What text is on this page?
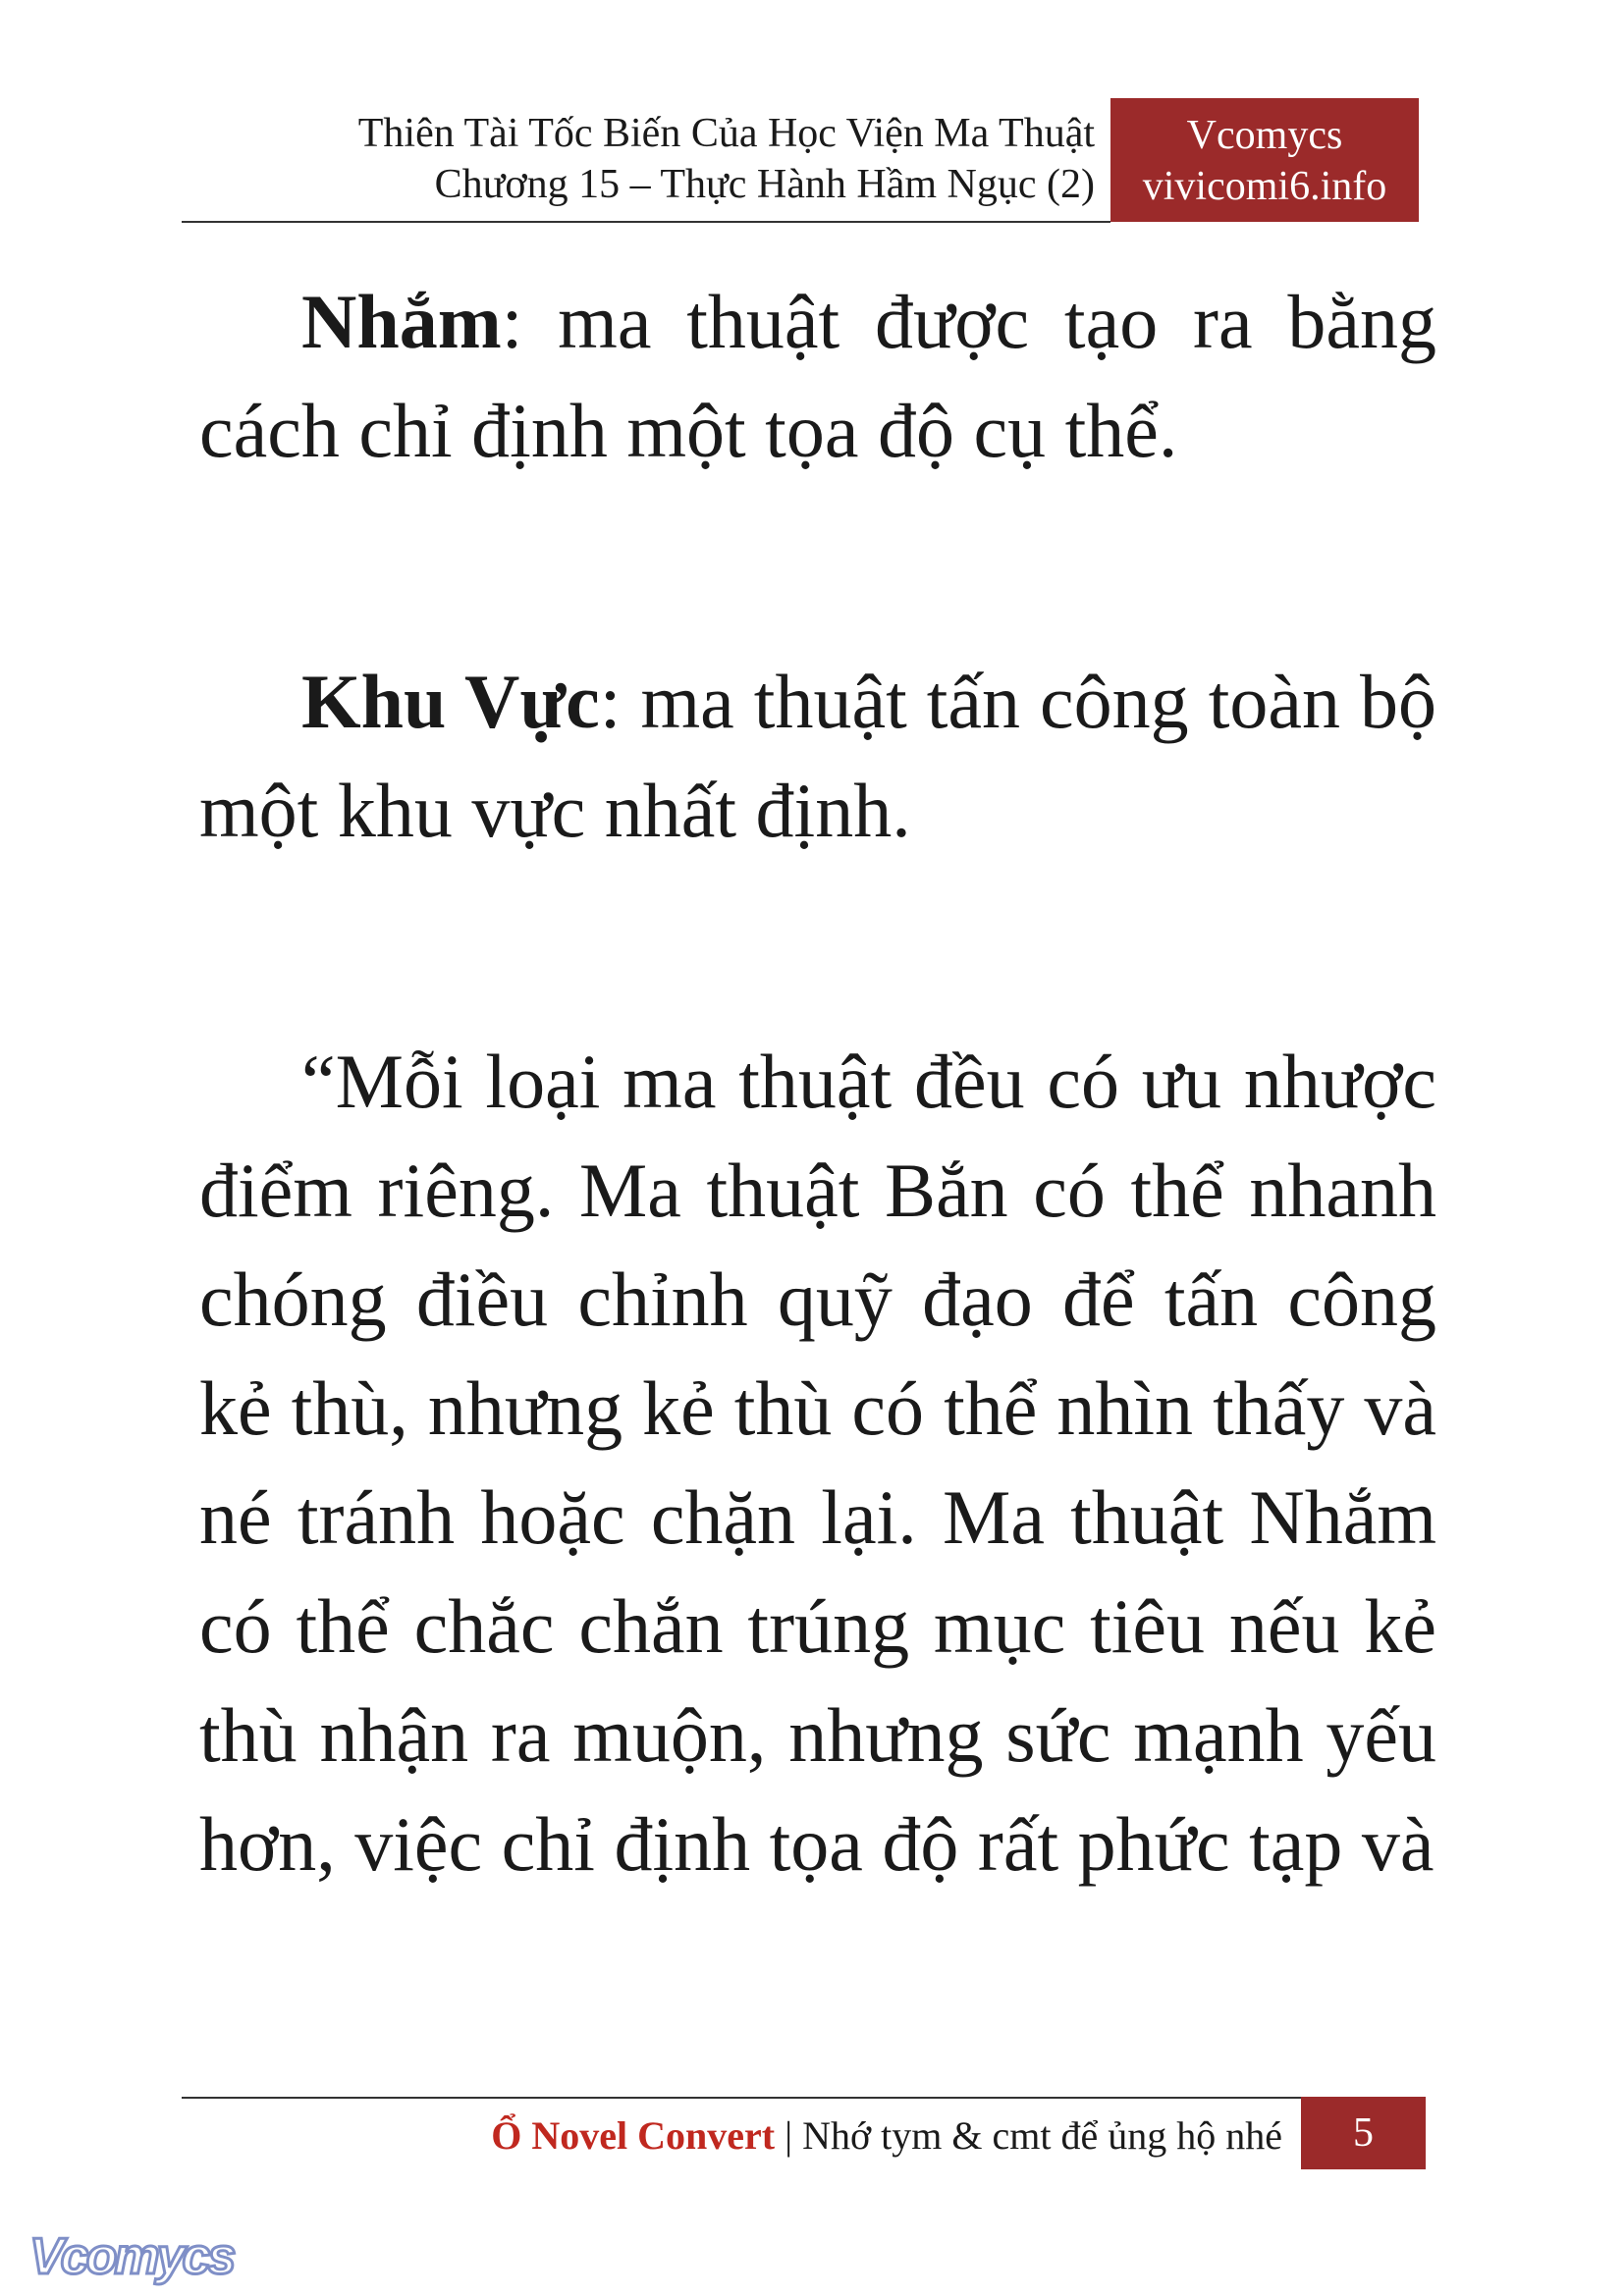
Thiên Tài Tốc Biến Của Học Viện Ma Thuật
Chương 15 – Thực Hành Hầm Ngục (2)
Vcomycs
vivicomi6.info

Nhắm: ma thuật được tạo ra bằng cách chỉ định một tọa độ cụ thể.

Khu Vực: ma thuật tấn công toàn bộ một khu vực nhất định.

“Mỗi loại ma thuật đều có ưu nhược điểm riêng. Ma thuật Bắn có thể nhanh chóng điều chỉnh quỹ đạo để tấn công kẻ thù, nhưng kẻ thù có thể nhìn thấy và né tránh hoặc chặn lại. Ma thuật Nhắm có thể chắc chắn trúng mục tiêu nếu kẻ thù nhận ra muộn, nhưng sức mạnh yếu hơn, việc chỉ định tọa độ rất phức tạp và

Ổ Novel Convert | Nhớ tym & cmt để ủng hộ nhé	5
Vcomycs
